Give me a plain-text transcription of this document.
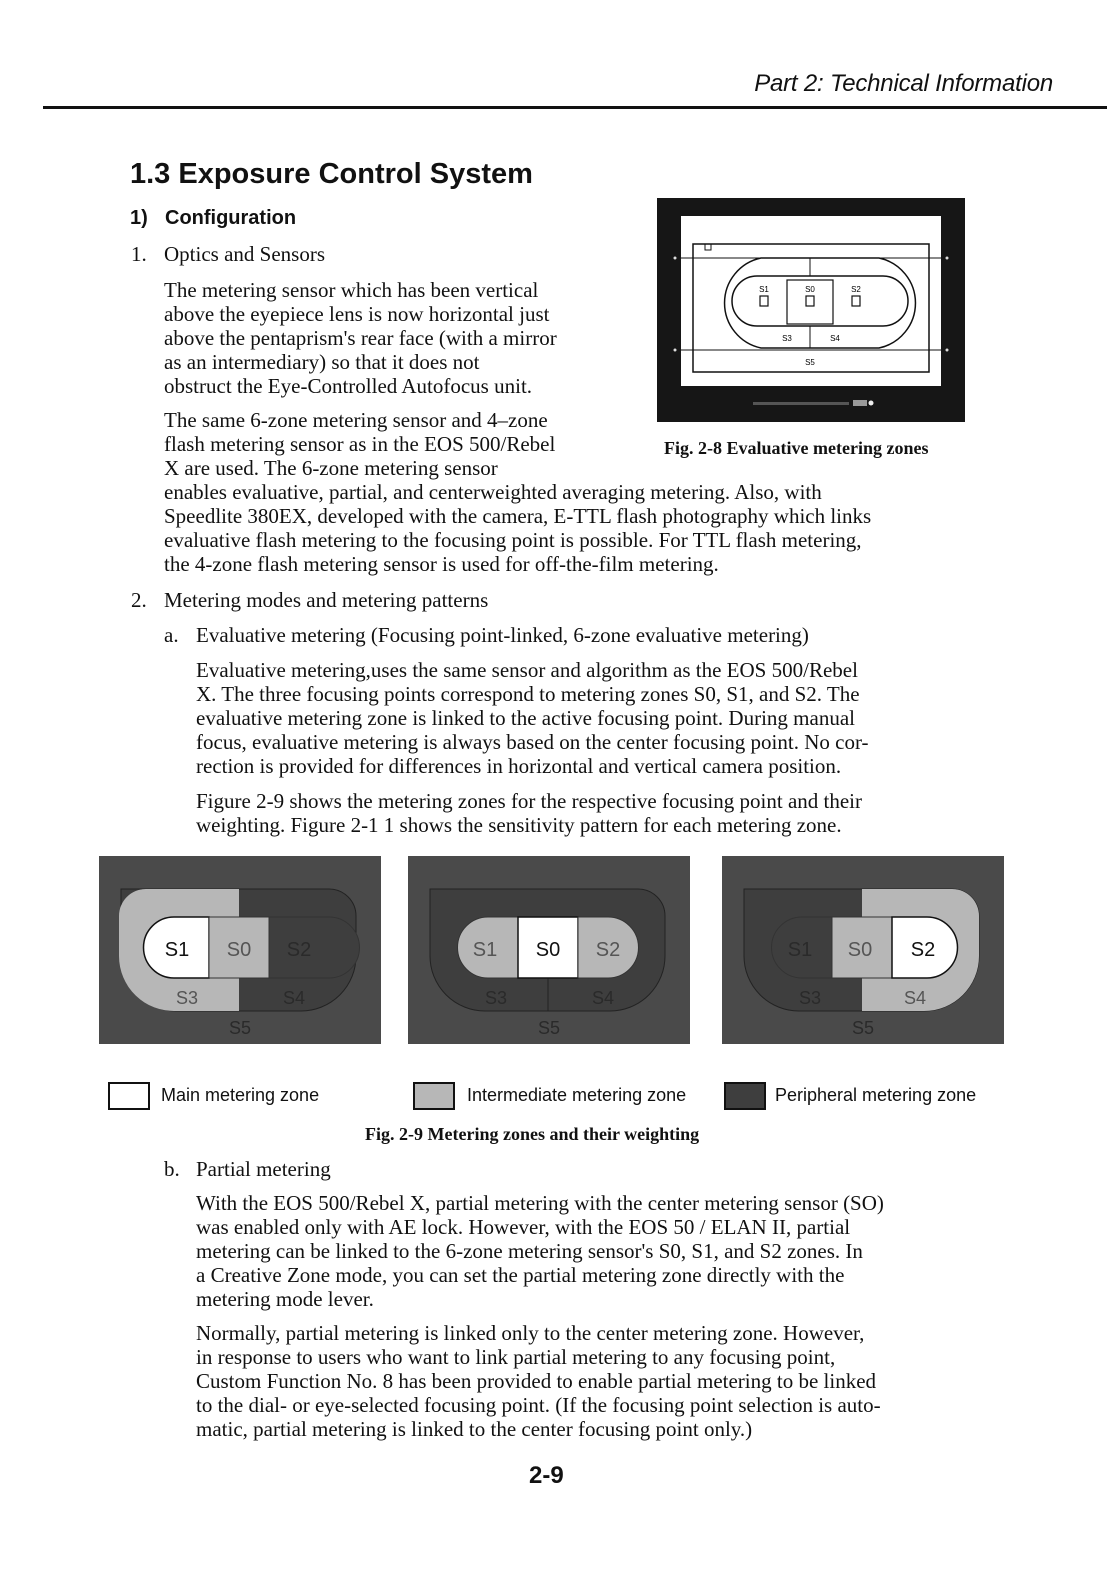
Part 2: Technical Information
1.3 Exposure Control System
1) Configuration
1. Optics and Sensors
The metering sensor which has been vertical
above the eyepiece lens is now horizontal just
above the pentaprism's rear face (with a mirror
as an intermediary) so that it does not
obstruct the Eye-Controlled Autofocus unit.
The same 6-zone metering sensor and 4–zone
flash metering sensor as in the EOS 500/Rebel
X are used. The 6-zone metering sensor
enables evaluative, partial, and centerweighted averaging metering. Also, with
Speedlite 380EX, developed with the camera, E-TTL flash photography which links
evaluative flash metering to the focusing point is possible. For TTL flash metering,
the 4-zone flash metering sensor is used for off-the-film metering.
S1	S0	S2
S3	S4
S5
Fig. 2-8 Evaluative metering zones
2. Metering modes and metering patterns
a. Evaluative metering (Focusing point-linked, 6-zone evaluative metering)
Evaluative metering,uses the same sensor and algorithm as the EOS 500/Rebel
X. The three focusing points correspond to metering zones S0, S1, and S2. The
evaluative metering zone is linked to the active focusing point. During manual
focus, evaluative metering is always based on the center focusing point. No cor-
rection is provided for differences in horizontal and vertical camera position.
Figure 2-9 shows the metering zones for the respective focusing point and their
weighting. Figure 2-1 1 shows the sensitivity pattern for each metering zone.
S1 S0 S2
S3	S4
S5
S1 S0 S2
S3	S4
S5
S1 S0 S2
S3	S4
S5
Main metering zone	Intermediate metering zone	Peripheral metering zone
Fig. 2-9 Metering zones and their weighting
b. Partial metering
With the EOS 500/Rebel X, partial metering with the center metering sensor (SO)
was enabled only with AE lock. However, with the EOS 50 / ELAN II, partial
metering can be linked to the 6-zone metering sensor's S0, S1, and S2 zones. In
a Creative Zone mode, you can set the partial metering zone directly with the
metering mode lever.
Normally, partial metering is linked only to the center metering zone. However,
in response to users who want to link partial metering to any focusing point,
Custom Function No. 8 has been provided to enable partial metering to be linked
to the dial- or eye-selected focusing point. (If the focusing point selection is auto-
matic, partial metering is linked to the center focusing point only.)
2-9
